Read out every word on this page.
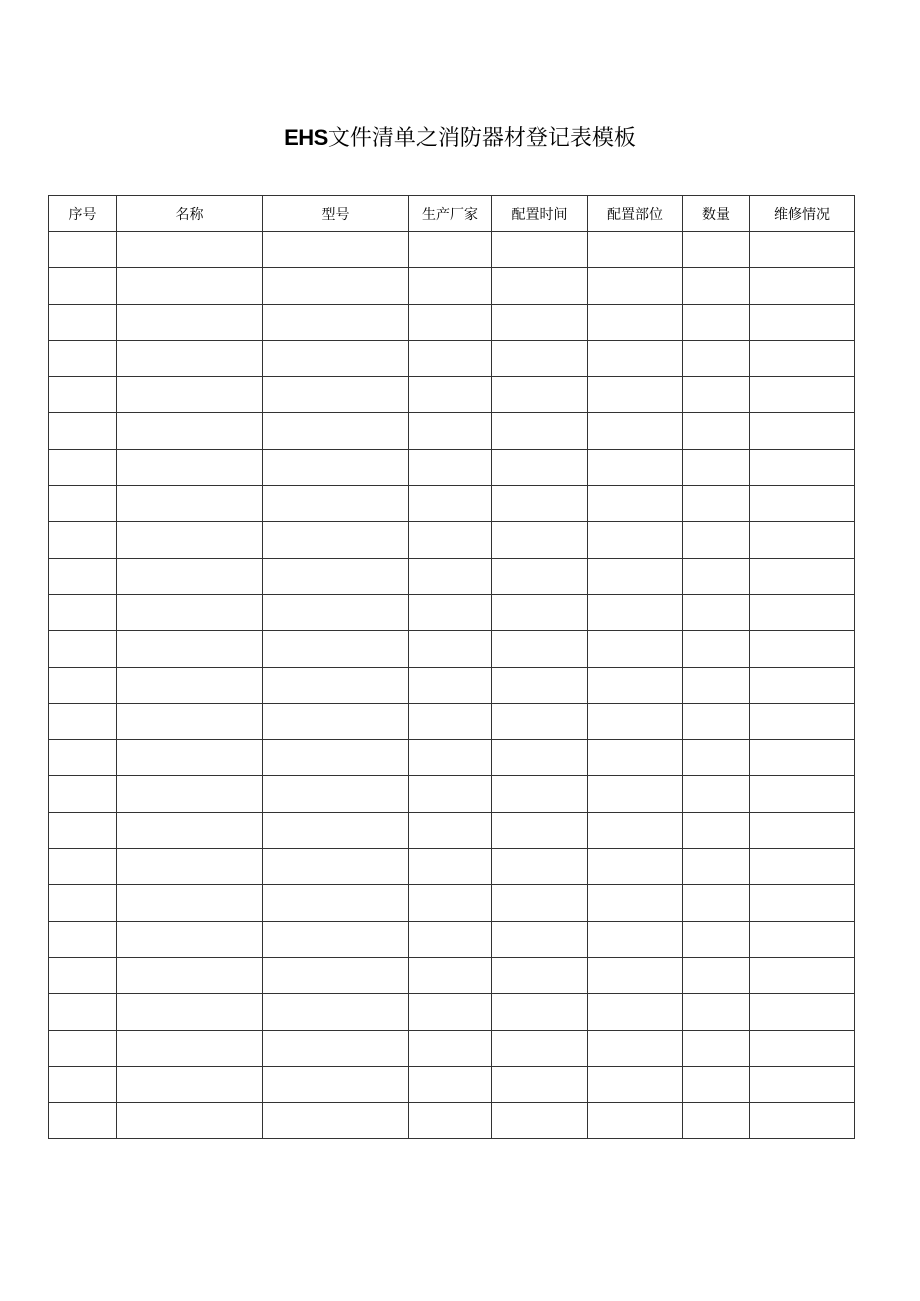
EHS文件清单之消防器材登记表模板
序号	名称	型号	生产厂家	配置时间	配置部位	数量	维修情况
